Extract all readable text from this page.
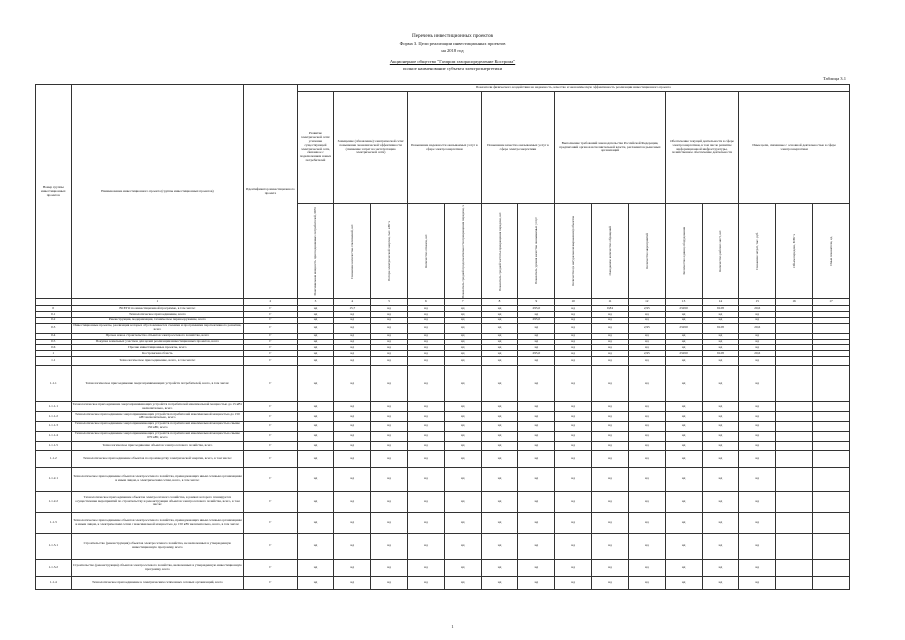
Перечень инвестиционных проектов
Форма 3. Цели реализации инвестиционных проектов
на 2018 год
Акционерное общество "Газпром газораспределение Кострома"
полное наименование субъекта электроэнергетики
Таблица 3.1
Номер группы инвестиционных проектов	Наименование инвестиционного проекта (группы инвестиционных проектов)	Идентификатор инвестиционного проекта	Показатели физического воздействия на надежность, качество и экономическую эффективность реализации инвестиционного проекта														
			Развитие электрической сети/усиление существующей электрической сети, связанное с подключением новых потребителей	Замещение (обновление) электрической сети/повышение экономической эффективности (снижение затрат на эксплуатацию электрической сети)		Повышение надежности оказываемых услуг в сфере электроэнергетики		Повышение качества оказываемых услуг в сфере электроэнергетики		Выполнение требований законодательства Российской Федерации, предписаний органов исполнительной власти, регламентов рыночных организаций			Обеспечение текущей деятельности в сфере электроэнергетики, в том числе развитие информационной инфраструктуры, хозяйственное обеспечение деятельности		Иные цели, связанные с основной деятельностью в сфере электроэнергетики		

			Максимальная мощность присоединяемых потребителей, МВт	Снижение количества отключений, шт.	Потери электрической энергии, тыс. кВт·ч	Количество отказов, шт.	Показатель средней продолжительности прекращения передачи, ч	Показатель средней частоты прекращения передачи, шт.	Показатель уровня качества оказываемых услуг	Количество (в натуральном выражении) объектов	Ожидаемое количество обращений	Количество мероприятий	Количество единиц оборудования	Количество рабочих мест, шт.	Снижение затрат, тыс. руб.	Объем передачи, МВт·ч	Иные показатели, ед.

	1	2	3	4	5	6	7	8	9	10	11	12	13	14	15	16	17
0	ВСЕГО по инвестиционной программе, в том числе:	Г	нд	15,7	нд	нд	нд	нд	295,0	нд	0,84	2,95	23450	9128	20,6		
0.1	Технологическое присоединение, всего	Г	нд	нд	нд	нд	нд	нд	нд	нд	нд	нд	нд	нд	нд		
0.2	Реконструкция, модернизация, техническое перевооружение, всего	Г	нд	нд	нд	нд	нд	нд	295,0	нд	нд	нд	нд	нд	нд		
0.3	Инвестиционные проекты, реализация которых обусловливается схемами и программами перспективного развития, всего	Г	нд	нд	нд	нд	нд	нд	нд	нд	нд	2,95	23450	9128	20,6		
0.4	Прочее новое строительство объектов электросетевого хозяйства, всего	Г	нд	нд	нд	нд	нд	нд	нд	нд	нд	нд	нд	нд	нд		
0.5	Покупка земельных участков для целей реализации инвестиционных проектов, всего	Г	нд	нд	нд	нд	нд	нд	нд	нд	нд	нд	нд	нд	нд		
0.6	Прочие инвестиционные проекты, всего	Г	нд	нд	нд	нд	нд	нд	нд	нд	нд	нд	нд	нд	нд		
1	Костромская область	Г	нд	нд	нд	нд	нд	нд	295,0	нд	нд	2,95	23450	9128	20,6		
1.1	Технологическое присоединение, всего, в том числе:	Г	нд	нд	нд	нд	нд	нд	нд	нд	нд	нд	нд	нд	нд		
1.1.1	Технологическое присоединение энергопринимающих устройств потребителей, всего, в том числе:	Г	нд	нд	нд	нд	нд	нд	нд	нд	нд	нд	нд	нд	нд		
1.1.1.1	Технологическое присоединение энергопринимающих устройств потребителей максимальной мощностью до 15 кВт включительно, всего	Г	нд	нд	нд	нд	нд	нд	нд	нд	нд	нд	нд	нд	нд		
1.1.1.2	Технологическое присоединение энергопринимающих устройств потребителей максимальной мощностью до 150 кВт включительно, всего	Г	нд	нд	нд	нд	нд	нд	нд	нд	нд	нд	нд	нд	нд		
1.1.1.3	Технологическое присоединение энергопринимающих устройств потребителей максимальной мощностью свыше 150 кВт, всего	Г	нд	нд	нд	нд	нд	нд	нд	нд	нд	нд	нд	нд	нд		
1.1.1.4	Технологическое присоединение энергопринимающих устройств потребителей максимальной мощностью свыше 670 кВт, всего	Г	нд	нд	нд	нд	нд	нд	нд	нд	нд	нд	нд	нд	нд		
1.1.1.5	Технологическое присоединение объектов электросетевого хозяйства, всего	Г	нд	нд	нд	нд	нд	нд	нд	нд	нд	нд	нд	нд	нд		
1.1.2	Технологическое присоединение объектов по производству электрической энергии, всего, в том числе:	Г	нд	нд	нд	нд	нд	нд	нд	нд	нд	нд	нд	нд	нд		
1.1.2.1	Технологическое присоединение объектов электросетевого хозяйства, принадлежащих иным сетевым организациям и иным лицам, к электрическим сетям, всего, в том числе:	Г	нд	нд	нд	нд	нд	нд	нд	нд	нд	нд	нд	нд	нд		
1.1.2.2	Технологическое присоединение объектов электросетевого хозяйства, в рамках которого планируется осуществление мероприятий по строительству и реконструкции объектов электросетевого хозяйства, всего, в том числе:	Г	нд	нд	нд	нд	нд	нд	нд	нд	нд	нд	нд	нд	нд		
1.1.3	Технологическое присоединение объектов электросетевого хозяйства, принадлежащих иным сетевым организациям и иным лицам, к электрическим сетям с максимальной мощностью до 150 кВт включительно, всего, в том числе:	Г	нд	нд	нд	нд	нд	нд	нд	нд	нд	нд	нд	нд	нд		
1.1.3.1	Строительство (реконструкция) объектов электросетевого хозяйства, не включенных в утвержденную инвестиционную программу, всего	Г	нд	нд	нд	нд	нд	нд	нд	нд	нд	нд	нд	нд	нд		
1.1.3.2	Строительство (реконструкция) объектов электросетевого хозяйства, включенных в утвержденную инвестиционную программу, всего	Г	нд	нд	нд	нд	нд	нд	нд	нд	нд	нд	нд	нд	нд		
1.1.4	Технологическое присоединение к электрическим сетям иных сетевых организаций, всего	Г	нд	нд	нд	нд	нд	нд	нд	нд	нд	нд	нд	нд	нд		
1
